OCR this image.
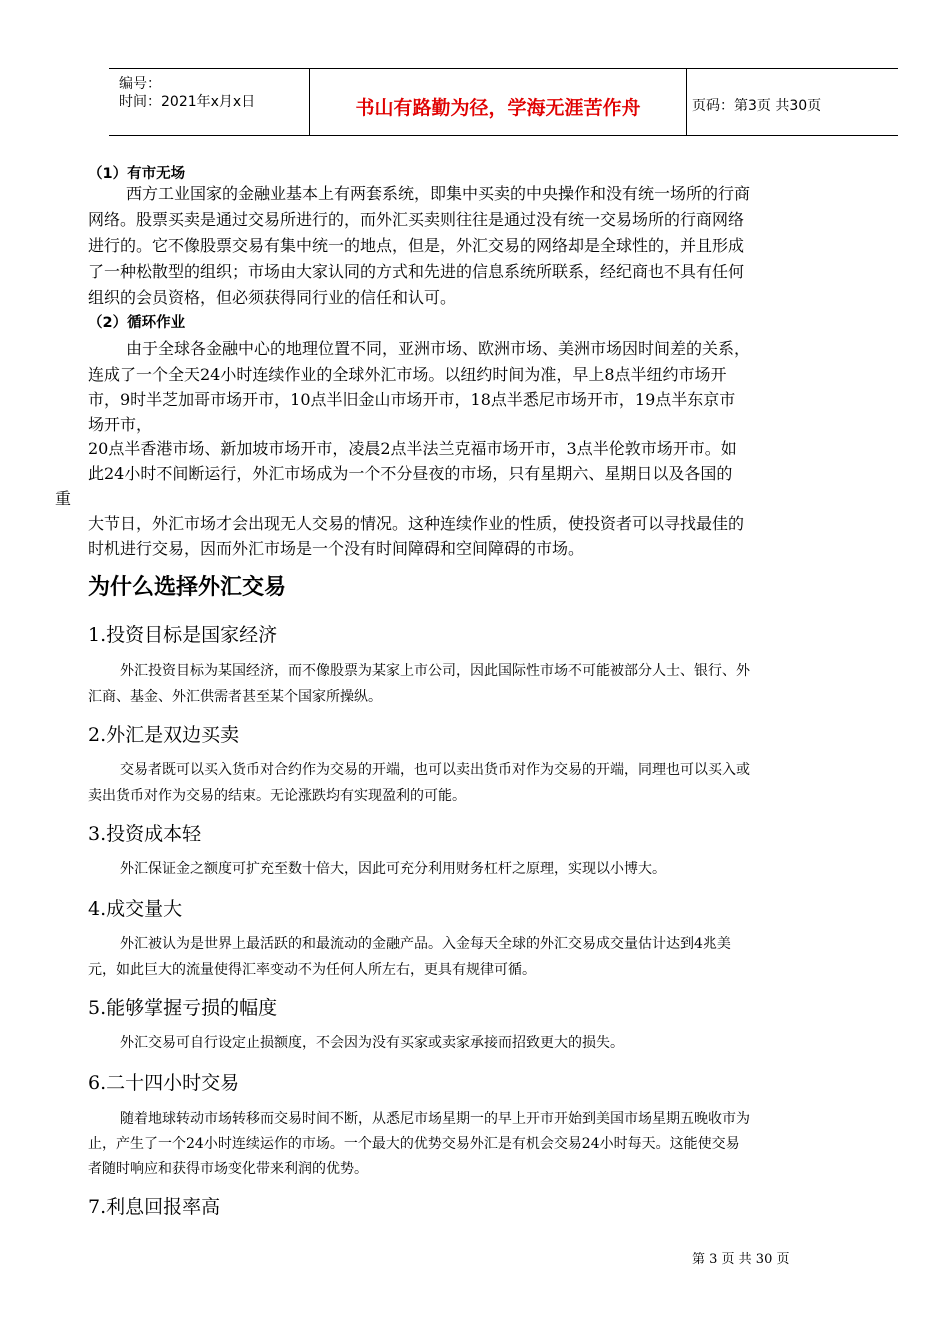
编号：
时间：2021年x月x日	书山有路勤为径，学海无涯苦作舟	页码：第3页 共30页
（1）有市无场
西方工业国家的金融业基本上有两套系统，即集中买卖的中央操作和没有统一场所的行商
网络。股票买卖是通过交易所进行的，而外汇买卖则往往是通过没有统一交易场所的行商网络
进行的。它不像股票交易有集中统一的地点，但是，外汇交易的网络却是全球性的，并且形成
了一种松散型的组织；市场由大家认同的方式和先进的信息系统所联系，经纪商也不具有任何
组织的会员资格，但必须获得同行业的信任和认可。
（2）循环作业
由于全球各金融中心的地理位置不同，亚洲市场、欧洲市场、美洲市场因时间差的关系，
连成了一个全天24小时连续作业的全球外汇市场。以纽约时间为准，早上8点半纽约市场开
市，9时半芝加哥市场开市，10点半旧金山市场开市，18点半悉尼市场开市，19点半东京市
场开市，
20点半香港市场、新加坡市场开市，凌晨2点半法兰克福市场开市，3点半伦敦市场开市。如
此24小时不间断运行，外汇市场成为一个不分昼夜的市场，只有星期六、星期日以及各国的
重
大节日，外汇市场才会出现无人交易的情况。这种连续作业的性质，使投资者可以寻找最佳的
时机进行交易，因而外汇市场是一个没有时间障碍和空间障碍的市场。
为什么选择外汇交易
1.投资目标是国家经济
外汇投资目标为某国经济，而不像股票为某家上市公司，因此国际性市场不可能被部分人士、银行、外
汇商、基金、外汇供需者甚至某个国家所操纵。
2.外汇是双边买卖
交易者既可以买入货币对合约作为交易的开端，也可以卖出货币对作为交易的开端，同理也可以买入或
卖出货币对作为交易的结束。无论涨跌均有实现盈利的可能。
3.投资成本轻
外汇保证金之额度可扩充至数十倍大，因此可充分利用财务杠杆之原理，实现以小博大。
4.成交量大
外汇被认为是世界上最活跃的和最流动的金融产品。入金每天全球的外汇交易成交量估计达到4兆美
元，如此巨大的流量使得汇率变动不为任何人所左右，更具有规律可循。
5.能够掌握亏损的幅度
外汇交易可自行设定止损额度，不会因为没有买家或卖家承接而招致更大的损失。
6.二十四小时交易
随着地球转动市场转移而交易时间不断，从悉尼市场星期一的早上开市开始到美国市场星期五晚收市为
止，产生了一个24小时连续运作的市场。一个最大的优势交易外汇是有机会交易24小时每天。这能使交易
者随时响应和获得市场变化带来利润的优势。
7.利息回报率高
第 3 页 共 30 页
